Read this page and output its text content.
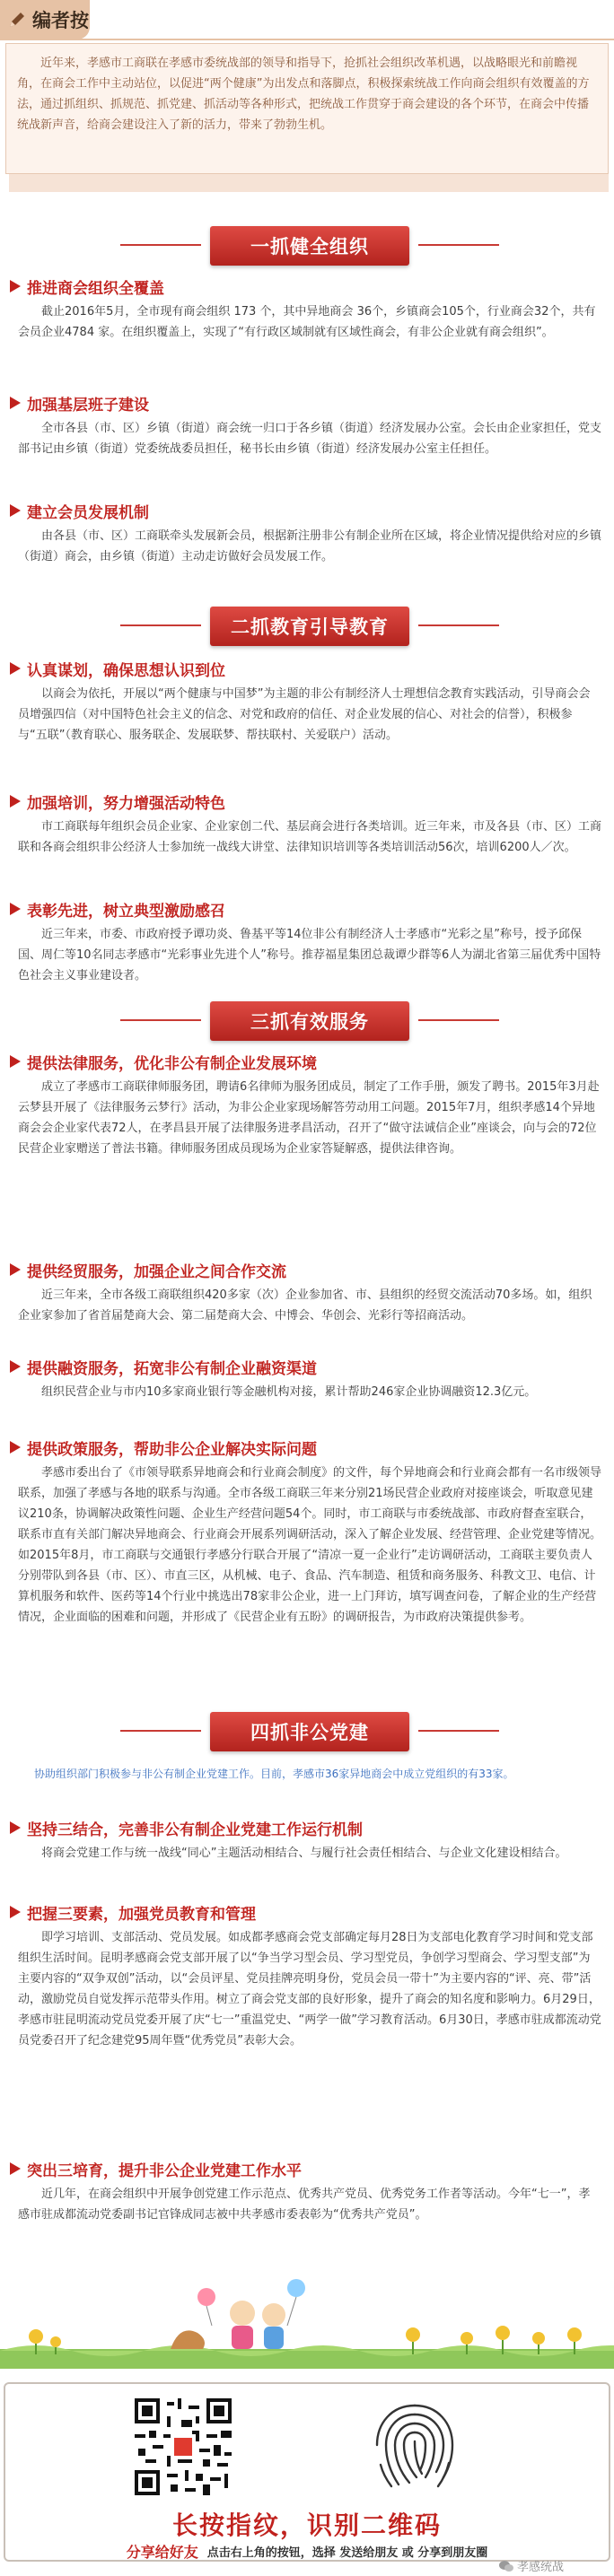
编者按
近年来，孝感市工商联在孝感市委统战部的领导和指导下，抢抓社会组织改革机遇，以战略眼光和前瞻视角，在商会工作中主动站位，以促进“两个健康”为出发点和落脚点，积极探索统战工作向商会组织有效覆盖的方法，通过抓组织、抓规范、抓党建、抓活动等各种形式，把统战工作贯穿于商会建设的各个环节，在商会中传播统战新声音，给商会建设注入了新的活力，带来了勃勃生机。
一抓健全组织
推进商会组织全覆盖
截止2016年5月，全市现有商会组织 173 个，其中异地商会 36个，乡镇商会105个，行业商会32个，共有会员企业4784 家。在组织覆盖上，实现了“有行政区域制就有区域性商会，有非公企业就有商会组织”。
加强基层班子建设
全市各县（市、区）乡镇（街道）商会统一归口于各乡镇（街道）经济发展办公室。会长由企业家担任，党支部书记由乡镇（街道）党委统战委员担任，秘书长由乡镇（街道）经济发展办公室主任担任。
建立会员发展机制
由各县（市、区）工商联牵头发展新会员，根据新注册非公有制企业所在区域，将企业情况提供给对应的乡镇（街道）商会，由乡镇（街道）主动走访做好会员发展工作。
二抓教育引导教育
认真谋划，确保思想认识到位
以商会为依托，开展以“两个健康与中国梦”为主题的非公有制经济人士理想信念教育实践活动，引导商会会员增强四信（对中国特色社会主义的信念、对党和政府的信任、对企业发展的信心、对社会的信誉），积极参与“五联”（教育联心、服务联企、发展联梦、帮扶联村、关爱联户）活动。
加强培训，努力增强活动特色
市工商联每年组织会员企业家、企业家创二代、基层商会进行各类培训。近三年来，市及各县（市、区）工商联和各商会组织非公经济人士参加统一战线大讲堂、法律知识培训等各类培训活动56次，培训6200人／次。
表彰先进，树立典型激励感召
近三年来，市委、市政府授予谭功炎、鲁基平等14位非公有制经济人士孝感市“光彩之星”称号，授予邱保国、周仁等10名同志孝感市“光彩事业先进个人”称号。推荐福星集团总裁谭少群等6人为湖北省第三届优秀中国特色社会主义事业建设者。
三抓有效服务
提供法律服务，优化非公有制企业发展环境
成立了孝感市工商联律师服务团，聘请6名律师为服务团成员，制定了工作手册，颁发了聘书。2015年3月赴云梦县开展了《法律服务云梦行》活动，为非公企业家现场解答劳动用工问题。2015年7月，组织孝感14个异地商会会企业家代表72人，在孝昌县开展了法律服务进孝昌活动，召开了“做守法诚信企业”座谈会，向与会的72位民营企业家赠送了普法书籍。律师服务团成员现场为企业家答疑解惑，提供法律咨询。
提供经贸服务，加强企业之间合作交流
近三年来，全市各级工商联组织420多家（次）企业参加省、市、县组织的经贸交流活动70多场。如，组织企业家参加了省首届楚商大会、第二届楚商大会、中博会、华创会、光彩行等招商活动。
提供融资服务，拓宽非公有制企业融资渠道
组织民营企业与市内10多家商业银行等金融机构对接，累计帮助246家企业协调融资12.3亿元。
提供政策服务，帮助非公企业解决实际问题
孝感市委出台了《市领导联系异地商会和行业商会制度》的文件，每个异地商会和行业商会都有一名市级领导联系，加强了孝感与各地的联系与沟通。全市各级工商联三年来分别21场民营企业政府对接座谈会，听取意见建议210条，协调解决政策性问题、企业生产经营问题54个。同时，市工商联与市委统战部、市政府督查室联合，联系市直有关部门解决异地商会、行业商会开展系列调研活动，深入了解企业发展、经营管理、企业党建等情况。如2015年8月，市工商联与交通银行孝感分行联合开展了“清凉一夏一企业行”走访调研活动，工商联主要负责人分别带队到各县（市、区）、市直三区，从机械、电子、食品、汽车制造、租赁和商务服务、科教文卫、电信、计算机服务和软件、医药等14个行业中挑选出78家非公企业，进一上门拜访，填写调查问卷，了解企业的生产经营情况，企业面临的困难和问题，并形成了《民营企业有五盼》的调研报告，为市政府决策提供参考。
四抓非公党建
协助组织部门积极参与非公有制企业党建工作。目前，孝感市36家异地商会中成立党组织的有33家。
坚持三结合，完善非公有制企业党建工作运行机制
将商会党建工作与统一战线“同心”主题活动相结合、与履行社会责任相结合、与企业文化建设相结合。
把握三要素，加强党员教育和管理
即学习培训、支部活动、党员发展。如成都孝感商会党支部确定每月28日为支部电化教育学习时间和党支部组织生活时间。昆明孝感商会党支部开展了以“争当学习型会员、学习型党员，争创学习型商会、学习型支部”为主要内容的“双争双创”活动，以“会员评星、党员挂牌亮明身份，党员会员一带十”为主要内容的“评、亮、带”活动，激励党员自觉发挥示范带头作用。树立了商会党支部的良好形象，提升了商会的知名度和影响力。6月29日，孝感市驻昆明流动党员党委开展了庆“七一”重温党史、“两学一做”学习教育活动。6月30日，孝感市驻成都流动党员党委召开了纪念建党95周年暨“优秀党员”表彰大会。
突出三培育，提升非公企业党建工作水平
近几年，在商会组织中开展争创党建工作示范点、优秀共产党员、优秀党务工作者等活动。今年“七一”，孝感市驻成都流动党委副书记官锋成同志被中共孝感市委表彰为“优秀共产党员”。
长按指纹，识别二维码
分享给好友 点击右上角的按钮，选择 发送给朋友 或 分享到朋友圈
孝感统战
